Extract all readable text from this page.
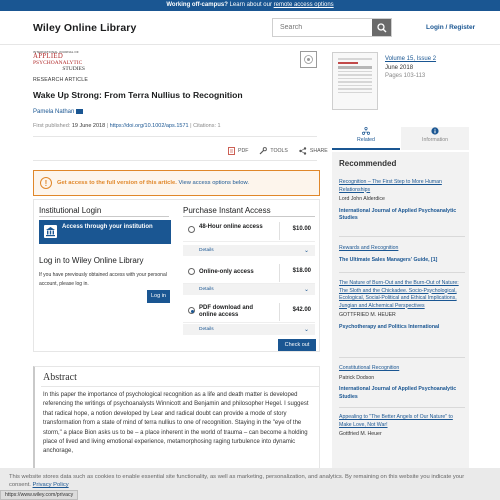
Working off-campus? Learn about our remote access options
Wiley Online Library
Search	Login / Register
INTERNATIONAL JOURNAL OF
APPLIED
PSYCHOANALYTIC
STUDIES
Volume 15, Issue 2
June 2018
Pages 103-113
RESEARCH ARTICLE
Wake Up Strong: From Terra Nullius to Recognition
Pamela Nathan
First published: 19 June 2018 | https://doi.org/10.1002/aps.1571 | Citations: 1
PDF	TOOLS	SHARE
!	Get access to the full version of this article. View access options below.
Institutional Login
Access through your institution
Log in to Wiley Online Library
If you have previously obtained access with your personal account, please log in.
Log in
Purchase Instant Access
48-Hour online access	$10.00
Details	⌄
Online-only access	$18.00
Details	⌄
PDF download and online access
$42.00
Details	⌄
Check out
Abstract
In this paper the importance of psychological recognition as a life and death matter is developed referencing the writings of psychoanalysts Winnicott and Benjamin and philosopher Hegel. I suggest that radical hope, a notion developed by Lear and radical doubt can provide a mode of story transformation from a state of mind of terra nullius to one of recognition. Staying in the "eye of the storm," a place Bion asks us to be – a place inherent in the world of trauma – can become a holding place of lived and living emotional experience, metamorphosing raging turbulence into dynamic anchorage,
Related	Information
Recommended
Recognition – The First Step to More Human Relationships
Lord John Alderdice
International Journal of Applied Psychoanalytic Studies
Rewards and Recognition
The Ultimate Sales Managers' Guide, [1]
The Nature of Burn-Out and the Burn-Out of Nature: The Sloth and the Chickadee. Socio-Psychological, Ecological, Social-Political and Ethical Implications, Jungian and Alchemical Perspectives
GOTTFRIED M. HEUER
Psychotherapy and Politics International
Constitutional Recognition
Patrick Dodson
International Journal of Applied Psychoanalytic Studies
Appealing to "The Better Angels of Our Nature" to Make Love, Not War!
Gottfried M. Heuer
This website stores data such as cookies to enable essential site functionality, as well as marketing, personalization, and analytics. By remaining on this website you indicate your consent. Privacy Policy
https://www.wiley.com/privacy
